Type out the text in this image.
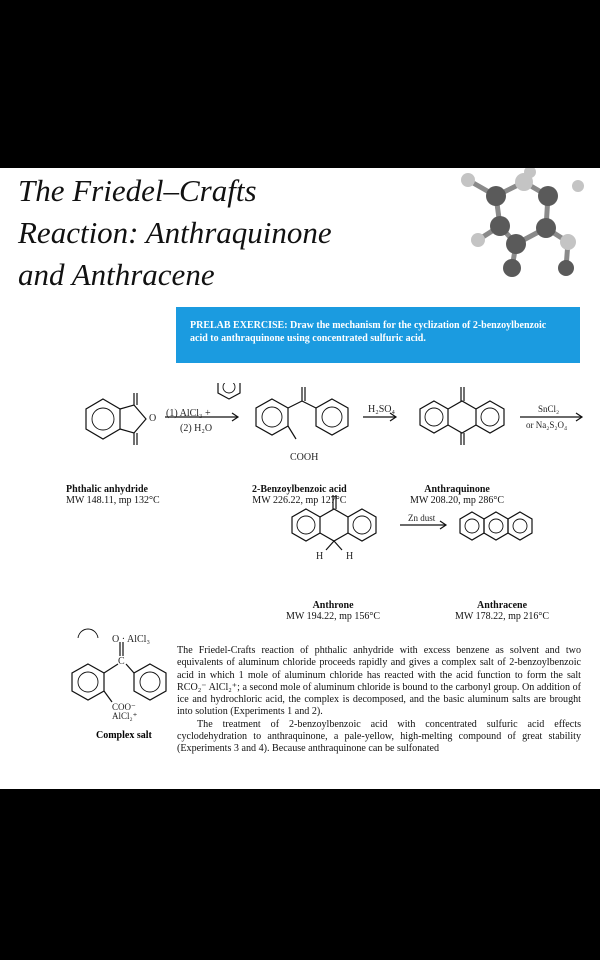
The Friedel–Crafts
Reaction: Anthraquinone
and Anthracene
PRELAB EXERCISE: Draw the mechanism for the cyclization of 2-benzoylbenzoic acid to anthraquinone using concentrated sulfuric acid.
(1) AlCl₃ +
(2) H₂O
H₂SO₄	SnCl₂
or Na₂S₂O₄
Zn dust
COOH
O
H H
Phthalic anhydride
MW 148.11, mp 132°C
2-Benzoylbenzoic acid
MW 226.22, mp 127°C
Anthraquinone
MW 208.20, mp 286°C
Anthrone
MW 194.22, mp 156°C
Anthracene
MW 178.22, mp 216°C
O · AlCl₃
C
COO⁻
AlCl₂⁺
Complex salt

The Friedel-Crafts reaction of phthalic anhydride with excess benzene as solvent and two equivalents of aluminum chloride proceeds rapidly and gives a complex salt of 2-benzoylbenzoic acid in which 1 mole of aluminum chloride has reacted with the acid function to form the salt RCO₂⁻ AlCl₂⁺; a second mole of aluminum chloride is bound to the carbonyl group. On addition of ice and hydrochloric acid, the complex is decomposed, and the basic aluminum salts are brought into solution (Experiments 1 and 2).

The treatment of 2-benzoylbenzoic acid with concentrated sulfuric acid effects cyclodehydration to anthraquinone, a pale-yellow, high-melting compound of great stability (Experiments 3 and 4). Because anthraquinone can be sulfonated
